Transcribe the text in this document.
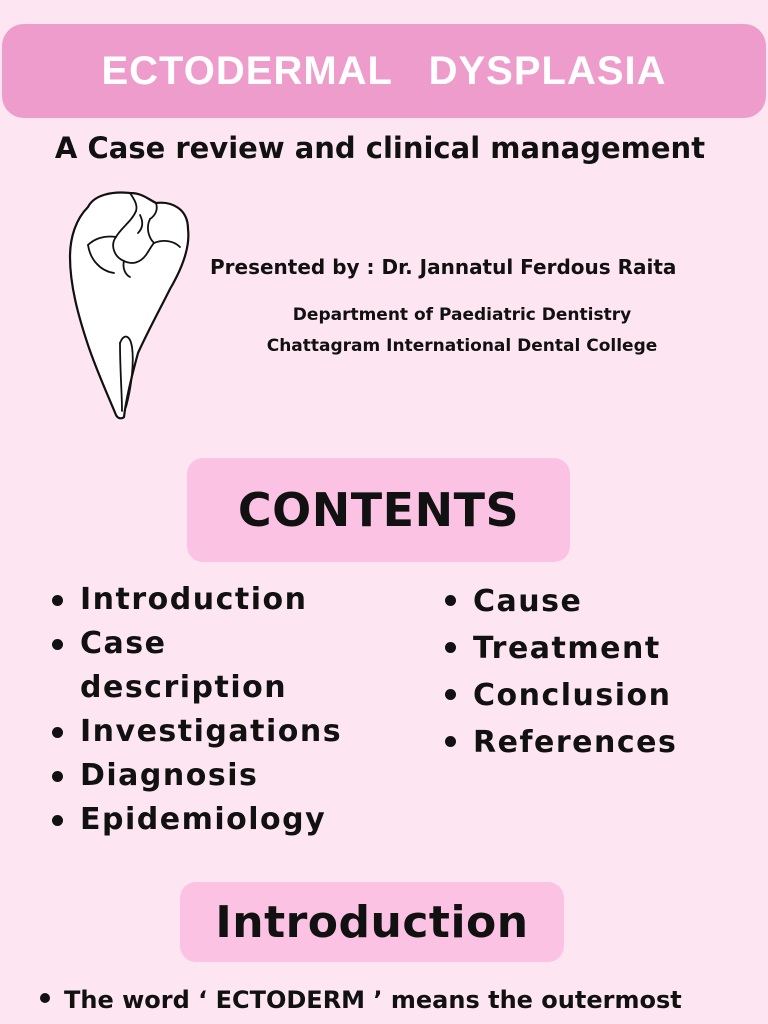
ECTODERMAL   DYSPLASIA
A Case review and clinical management
Presented by : Dr. Jannatul Ferdous Raita
Department of Paediatric Dentistry
Chattagram International Dental College
CONTENTS
Introduction
Case description
Investigations
Diagnosis
Epidemiology
Cause
Treatment
Conclusion
References
Introduction
The word ‘ ECTODERM ’ means the outermost
